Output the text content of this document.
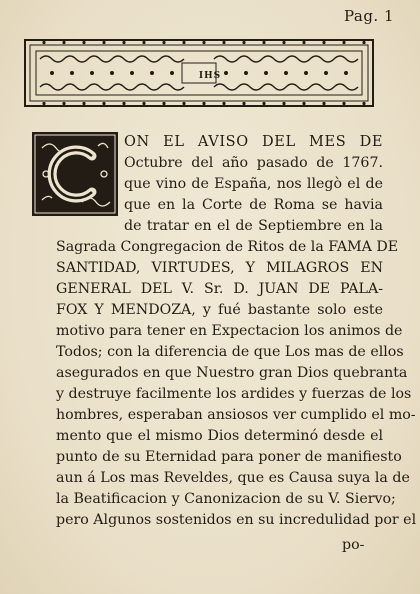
Pag. 1
IHS
ON EL AVISO DEL MES DE
Octubre del año pasado de 1767.
que vino de España, nos llegò el de
que en la Corte de Roma se havia
de tratar en el de Septiembre en la
Sagrada Congregacion de Ritos de la FAMA DE
SANTIDAD, VIRTUDES, Y MILAGROS EN
GENERAL DEL V. Sr. D. JUAN DE PALA-
FOX Y MENDOZA, y fué bastante solo este
motivo para tener en Expectacion los animos de
Todos; con la diferencia de que Los mas de ellos
asegurados en que Nuestro gran Dios quebranta
y destruye facilmente los ardides y fuerzas de los
hombres, esperaban ansiosos ver cumplido el mo-
mento que el mismo Dios determinó desde el
punto de su Eternidad para poner de manifiesto
aun á Los mas Reveldes, que es Causa suya la de
la Beatificacion y Canonizacion de su V. Siervo;
pero Algunos sostenidos en su incredulidad por el
po-
